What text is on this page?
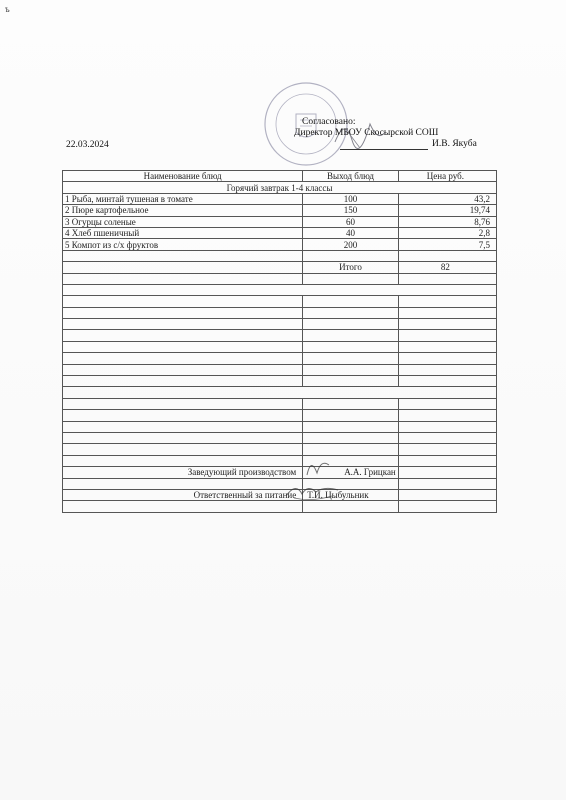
ъ
Согласовано:
Директор МБОУ Скосырской СОШ
И.В. Якуба
22.03.2024
Наименование блюд	Выход блюд	Цена руб.
Горячий завтрак 1-4 классы		
1 Рыба, минтай тушеная в томате	100	43,2
2 Пюре картофельное	150	19,74
3 Огурцы соленые	60	8,76
4 Хлеб пшеничный	40	2,8
5 Компот из с/х фруктов	200	7,5

	Итого	82

Заведующий производством	А.А. Грицкан	

Ответственный за питание	Т.И. Цыбульник	
